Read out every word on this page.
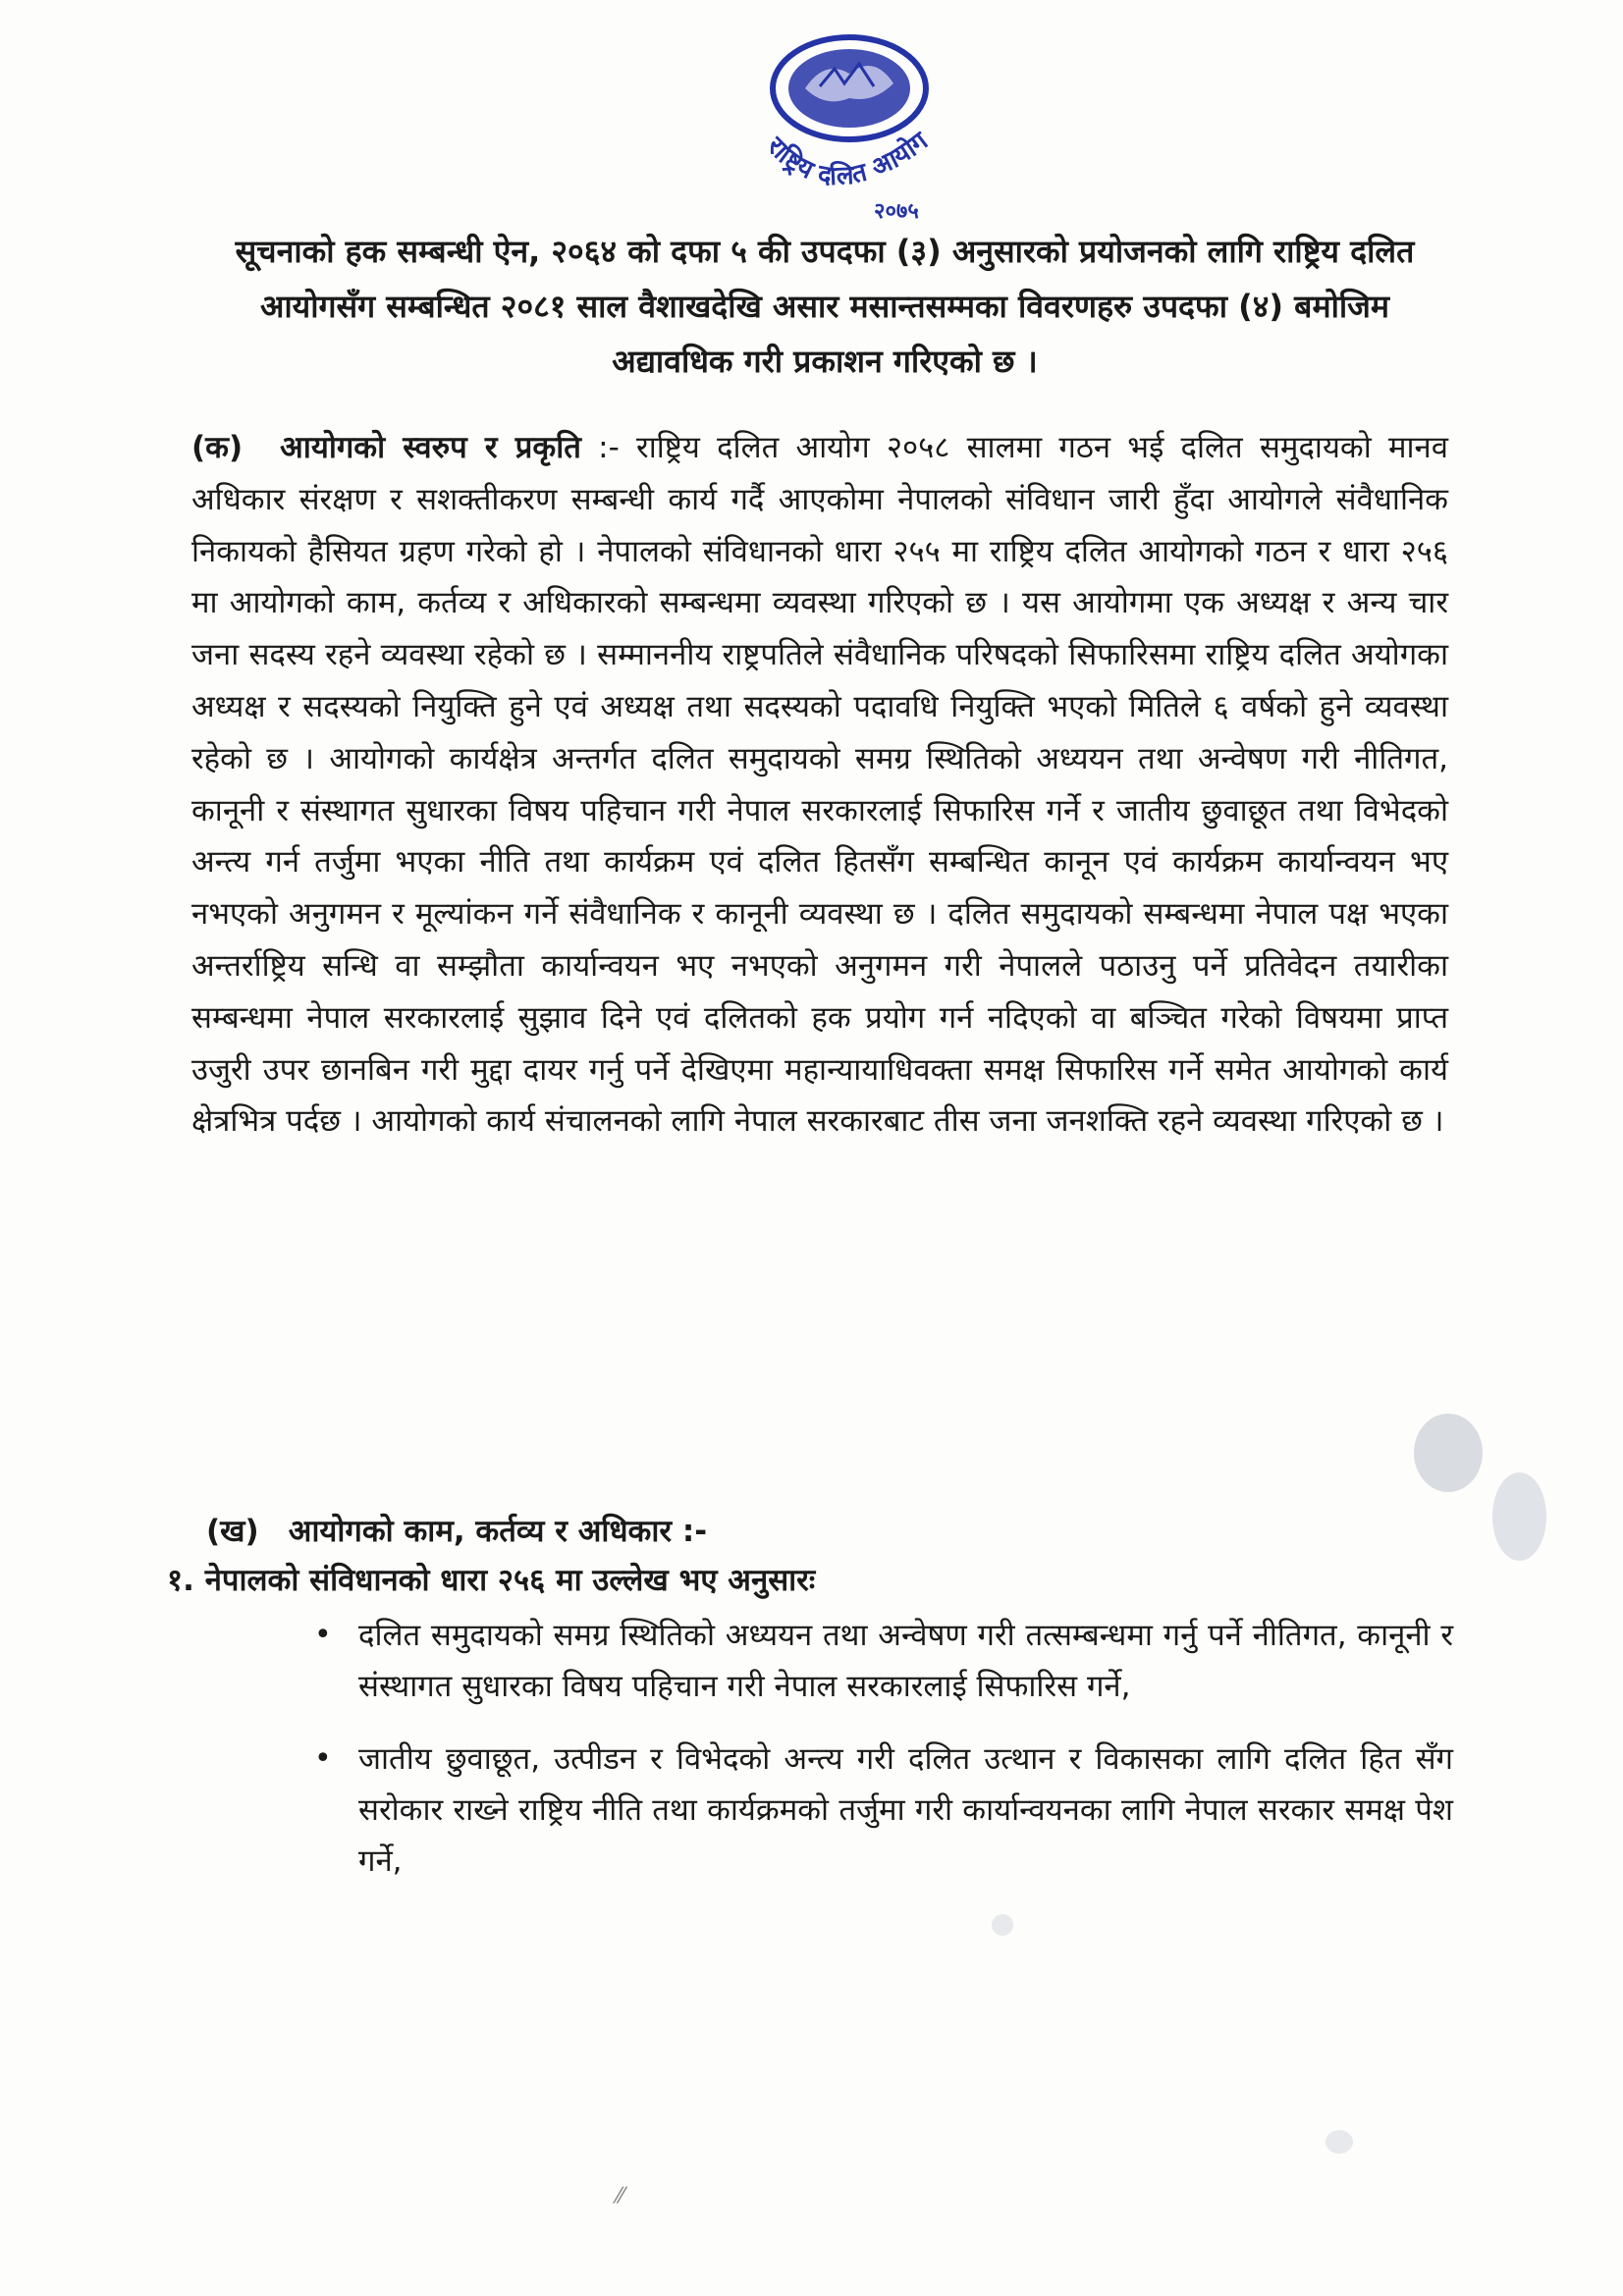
राष्ट्रिय दलित आयोग
२०७५
सूचनाको हक सम्बन्धी ऐन, २०६४ को दफा ५ की उपदफा (३) अनुसारको प्रयोजनको लागि राष्ट्रिय दलित आयोगसँग सम्बन्धित २०८१ साल वैशाखदेखि असार मसान्तसम्मका विवरणहरु उपदफा (४) बमोजिम अद्यावधिक गरी प्रकाशन गरिएको छ ।
(क) आयोगको स्वरुप र प्रकृति :- राष्ट्रिय दलित आयोग २०५८ सालमा गठन भई दलित समुदायको मानव अधिकार संरक्षण र सशक्तीकरण सम्बन्धी कार्य गर्दै आएकोमा नेपालको संविधान जारी हुँदा आयोगले संवैधानिक निकायको हैसियत ग्रहण गरेको हो । नेपालको संविधानको धारा २५५ मा राष्ट्रिय दलित आयोगको गठन र धारा २५६ मा आयोगको काम, कर्तव्य र अधिकारको सम्बन्धमा व्यवस्था गरिएको छ । यस आयोगमा एक अध्यक्ष र अन्य चार जना सदस्य रहने व्यवस्था रहेको छ । सम्माननीय राष्ट्रपतिले संवैधानिक परिषदको सिफारिसमा राष्ट्रिय दलित अयोगका अध्यक्ष र सदस्यको नियुक्ति हुने एवं अध्यक्ष तथा सदस्यको पदावधि नियुक्ति भएको मितिले ६ वर्षको हुने व्यवस्था रहेको छ । आयोगको कार्यक्षेत्र अन्तर्गत दलित समुदायको समग्र स्थितिको अध्ययन तथा अन्वेषण गरी नीतिगत, कानूनी र संस्थागत सुधारका विषय पहिचान गरी नेपाल सरकारलाई सिफारिस गर्ने र जातीय छुवाछूत तथा विभेदको अन्त्य गर्न तर्जुमा भएका नीति तथा कार्यक्रम एवं दलित हितसँग सम्बन्धित कानून एवं कार्यक्रम कार्यान्वयन भए नभएको अनुगमन र मूल्यांकन गर्ने संवैधानिक र कानूनी व्यवस्था छ । दलित समुदायको सम्बन्धमा नेपाल पक्ष भएका अन्तर्राष्ट्रिय सन्धि वा सम्झौता कार्यान्वयन भए नभएको अनुगमन गरी नेपालले पठाउनु पर्ने प्रतिवेदन तयारीका सम्बन्धमा नेपाल सरकारलाई सुझाव दिने एवं दलितको हक प्रयोग गर्न नदिएको वा बञ्चित गरेको विषयमा प्राप्त उजुरी उपर छानबिन गरी मुद्दा दायर गर्नु पर्ने देखिएमा महान्यायाधिवक्ता समक्ष सिफारिस गर्ने समेत आयोगको कार्य क्षेत्रभित्र पर्दछ । आयोगको कार्य संचालनको लागि नेपाल सरकारबाट तीस जना जनशक्ति रहने व्यवस्था गरिएको छ ।
(ख) आयोगको काम, कर्तव्य र अधिकार :-
१. नेपालको संविधानको धारा २५६ मा उल्लेख भए अनुसारः
• दलित समुदायको समग्र स्थितिको अध्ययन तथा अन्वेषण गरी तत्सम्बन्धमा गर्नु पर्ने नीतिगत, कानूनी र संस्थागत सुधारका विषय पहिचान गरी नेपाल सरकारलाई सिफारिस गर्ने,
• जातीय छुवाछूत, उत्पीडन र विभेदको अन्त्य गरी दलित उत्थान र विकासका लागि दलित हित सँग सरोकार राख्ने राष्ट्रिय नीति तथा कार्यक्रमको तर्जुमा गरी कार्यान्वयनका लागि नेपाल सरकार समक्ष पेश गर्ने,
⁄⁄
